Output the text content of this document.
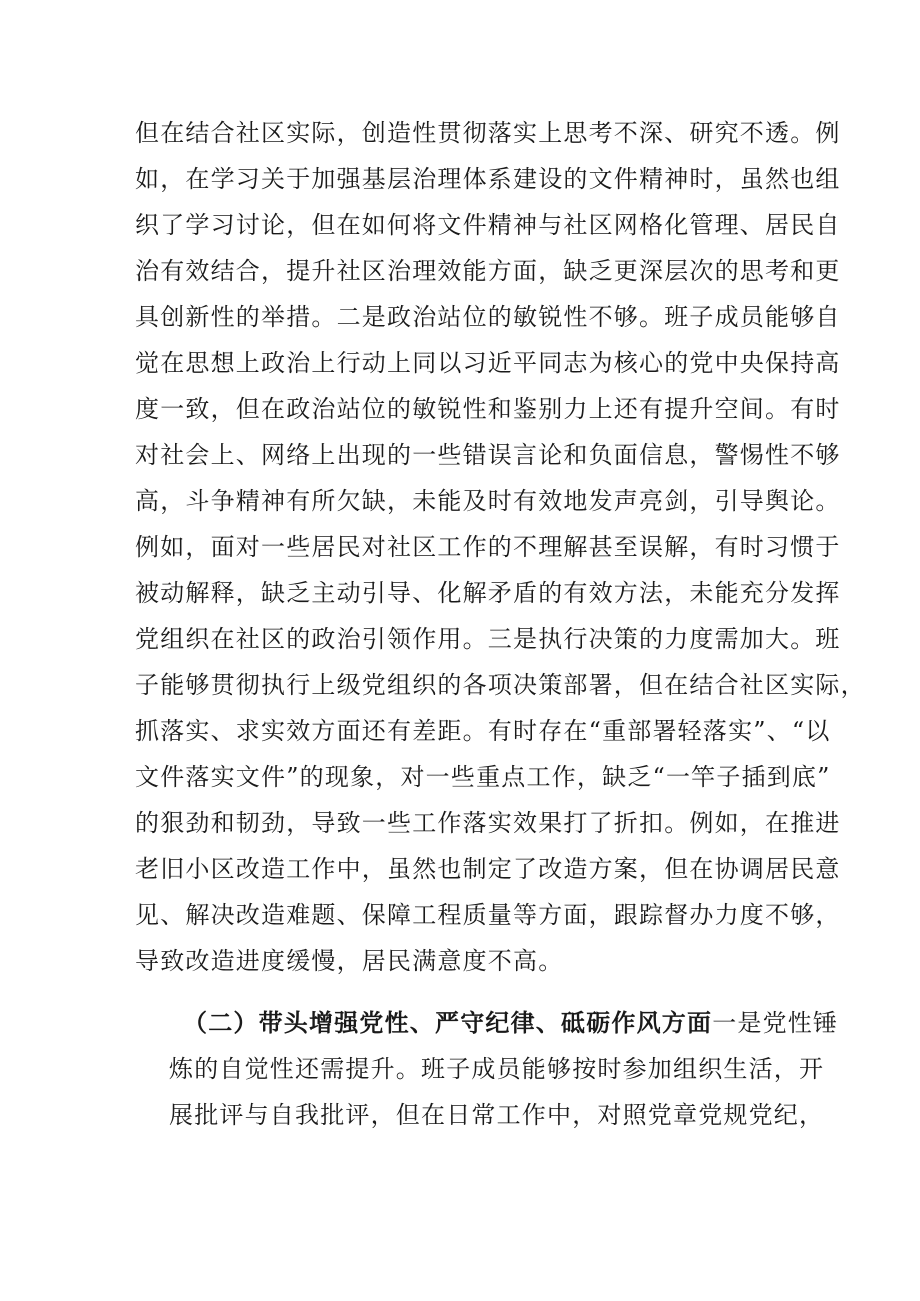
但在结合社区实际，创造性贯彻落实上思考不深、研究不透。例
如，在学习关于加强基层治理体系建设的文件精神时，虽然也组
织了学习讨论，但在如何将文件精神与社区网格化管理、居民自
治有效结合，提升社区治理效能方面，缺乏更深层次的思考和更
具创新性的举措。二是政治站位的敏锐性不够。班子成员能够自
觉在思想上政治上行动上同以习近平同志为核心的党中央保持高
度一致，但在政治站位的敏锐性和鉴别力上还有提升空间。有时
对社会上、网络上出现的一些错误言论和负面信息，警惕性不够
高，斗争精神有所欠缺，未能及时有效地发声亮剑，引导舆论。
例如，面对一些居民对社区工作的不理解甚至误解，有时习惯于
被动解释，缺乏主动引导、化解矛盾的有效方法，未能充分发挥
党组织在社区的政治引领作用。三是执行决策的力度需加大。班
子能够贯彻执行上级党组织的各项决策部署，但在结合社区实际，
抓落实、求实效方面还有差距。有时存在“重部署轻落实”、“以
文件落实文件”的现象，对一些重点工作，缺乏“一竿子插到底”
的狠劲和韧劲，导致一些工作落实效果打了折扣。例如，在推进
老旧小区改造工作中，虽然也制定了改造方案，但在协调居民意
见、解决改造难题、保障工程质量等方面，跟踪督办力度不够，
导致改造进度缓慢，居民满意度不高。
（二）带头增强党性、严守纪律、砥砺作风方面一是党性锤
炼的自觉性还需提升。班子成员能够按时参加组织生活，开
展批评与自我批评，但在日常工作中，对照党章党规党纪，
